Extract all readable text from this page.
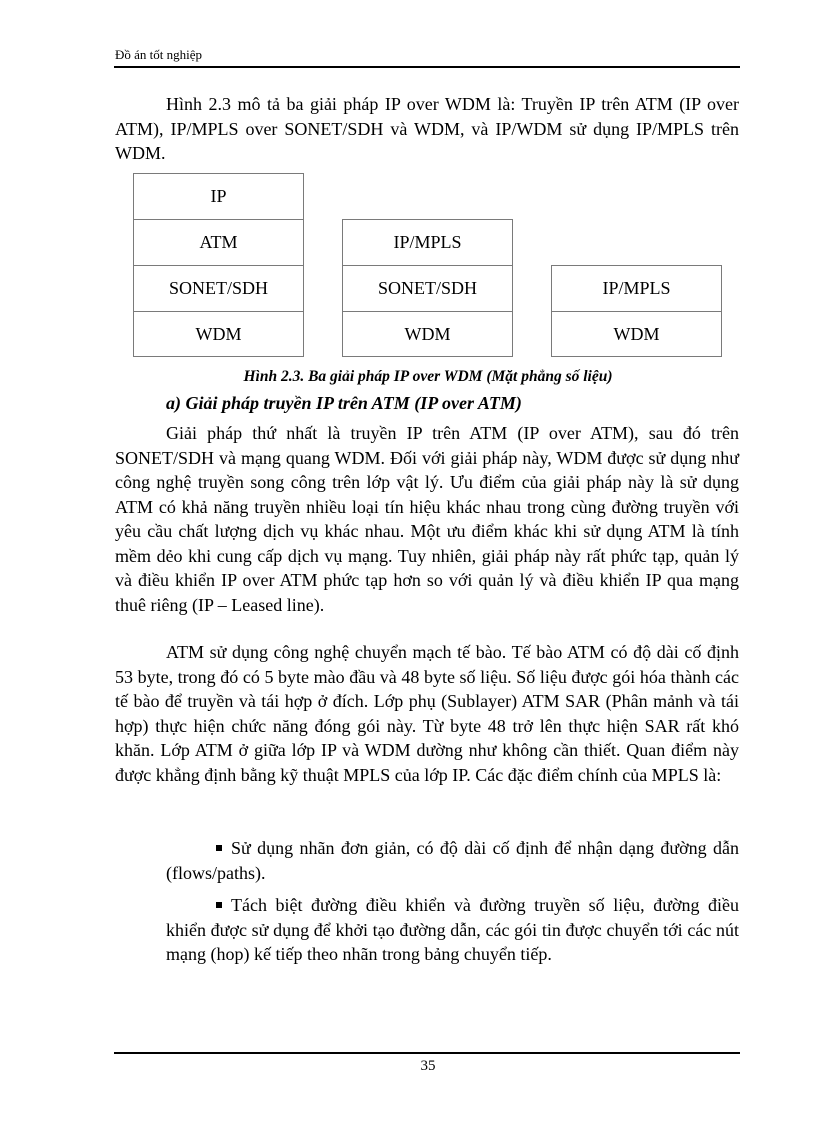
Đồ án tốt nghiệp

Hình 2.3 mô tả ba giải pháp IP over WDM là: Truyền IP trên ATM (IP over ATM), IP/MPLS over SONET/SDH và WDM, và IP/WDM sử dụng IP/MPLS trên WDM.

IP
ATM
SONET/SDH
WDM
IP/MPLS
SONET/SDH
WDM
IP/MPLS
WDM
Hình 2.3. Ba giải pháp IP over WDM (Mặt phẳng số liệu)
a) Giải pháp truyền IP trên ATM (IP over ATM)

Giải pháp thứ nhất là truyền IP trên ATM (IP over ATM), sau đó trên SONET/SDH và mạng quang WDM. Đối với giải pháp này, WDM được sử dụng như công nghệ truyền song công trên lớp vật lý. Ưu điểm của giải pháp này là sử dụng ATM có khả năng truyền nhiều loại tín hiệu khác nhau trong cùng đường truyền với yêu cầu chất lượng dịch vụ khác nhau. Một ưu điểm khác khi sử dụng ATM là tính mềm dẻo khi cung cấp dịch vụ mạng. Tuy nhiên, giải pháp này rất phức tạp, quản lý và điều khiển IP over ATM phức tạp hơn so với quản lý và điều khiển IP qua mạng thuê riêng (IP – Leased line).

ATM sử dụng công nghệ chuyển mạch tế bào. Tế bào ATM có độ dài cố định 53 byte, trong đó có 5 byte mào đầu và 48 byte số liệu. Số liệu được gói hóa thành các tế bào để truyền và tái hợp ở đích. Lớp phụ (Sublayer) ATM SAR (Phân mảnh và tái hợp) thực hiện chức năng đóng gói này. Từ byte 48 trở lên thực hiện SAR rất khó khăn. Lớp ATM ở giữa lớp IP và WDM dường như không cần thiết. Quan điểm này được khẳng định bằng kỹ thuật MPLS của lớp IP. Các đặc điểm chính của MPLS là:

Sử dụng nhãn đơn giản, có độ dài cố định để nhận dạng đường dẫn (flows/paths).

Tách biệt đường điều khiển và đường truyền số liệu, đường điều khiển được sử dụng để khởi tạo đường dẫn, các gói tin được chuyển tới các nút mạng (hop) kế tiếp theo nhãn trong bảng chuyển tiếp.

35
